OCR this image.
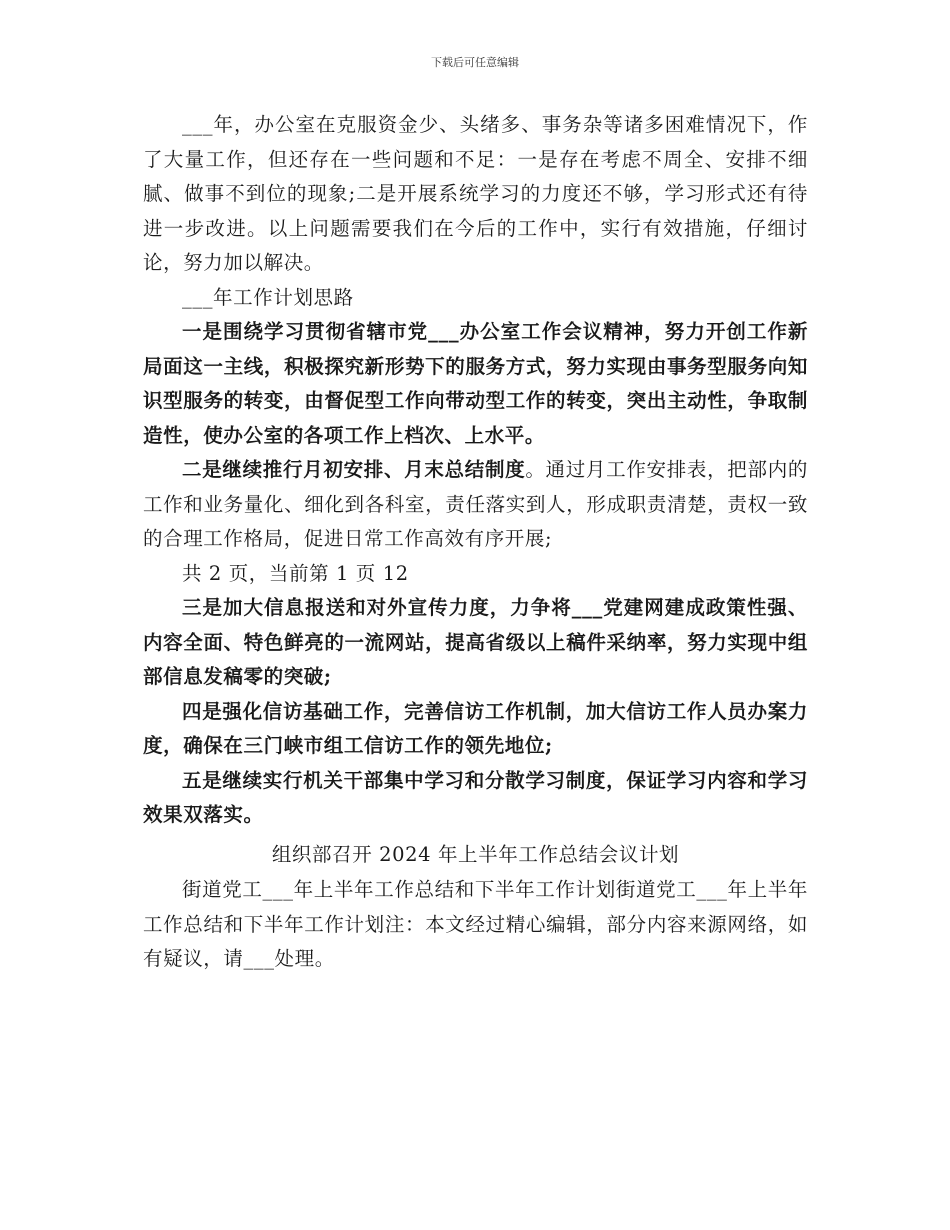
下载后可任意编辑

___年，办公室在克服资金少、头绪多、事务杂等诸多困难情况下，作了大量工作，但还存在一些问题和不足：一是存在考虑不周全、安排不细腻、做事不到位的现象;二是开展系统学习的力度还不够，学习形式还有待进一步改进。以上问题需要我们在今后的工作中，实行有效措施，仔细讨论，努力加以解决。

___年工作计划思路

一是围绕学习贯彻省辖市党___办公室工作会议精神，努力开创工作新局面这一主线，积极探究新形势下的服务方式，努力实现由事务型服务向知识型服务的转变，由督促型工作向带动型工作的转变，突出主动性，争取制造性，使办公室的各项工作上档次、上水平。

二是继续推行月初安排、月末总结制度。通过月工作安排表，把部内的工作和业务量化、细化到各科室，责任落实到人，形成职责清楚，责权一致的合理工作格局，促进日常工作高效有序开展;

共 2 页，当前第 1 页 12

三是加大信息报送和对外宣传力度，力争将___党建网建成政策性强、内容全面、特色鲜亮的一流网站，提高省级以上稿件采纳率，努力实现中组部信息发稿零的突破;

四是强化信访基础工作，完善信访工作机制，加大信访工作人员办案力度，确保在三门峡市组工信访工作的领先地位;

五是继续实行机关干部集中学习和分散学习制度，保证学习内容和学习效果双落实。

组织部召开 2024 年上半年工作总结会议计划

街道党工___年上半年工作总结和下半年工作计划街道党工___年上半年工作总结和下半年工作计划注：本文经过精心编辑，部分内容来源网络，如有疑议，请___处理。
